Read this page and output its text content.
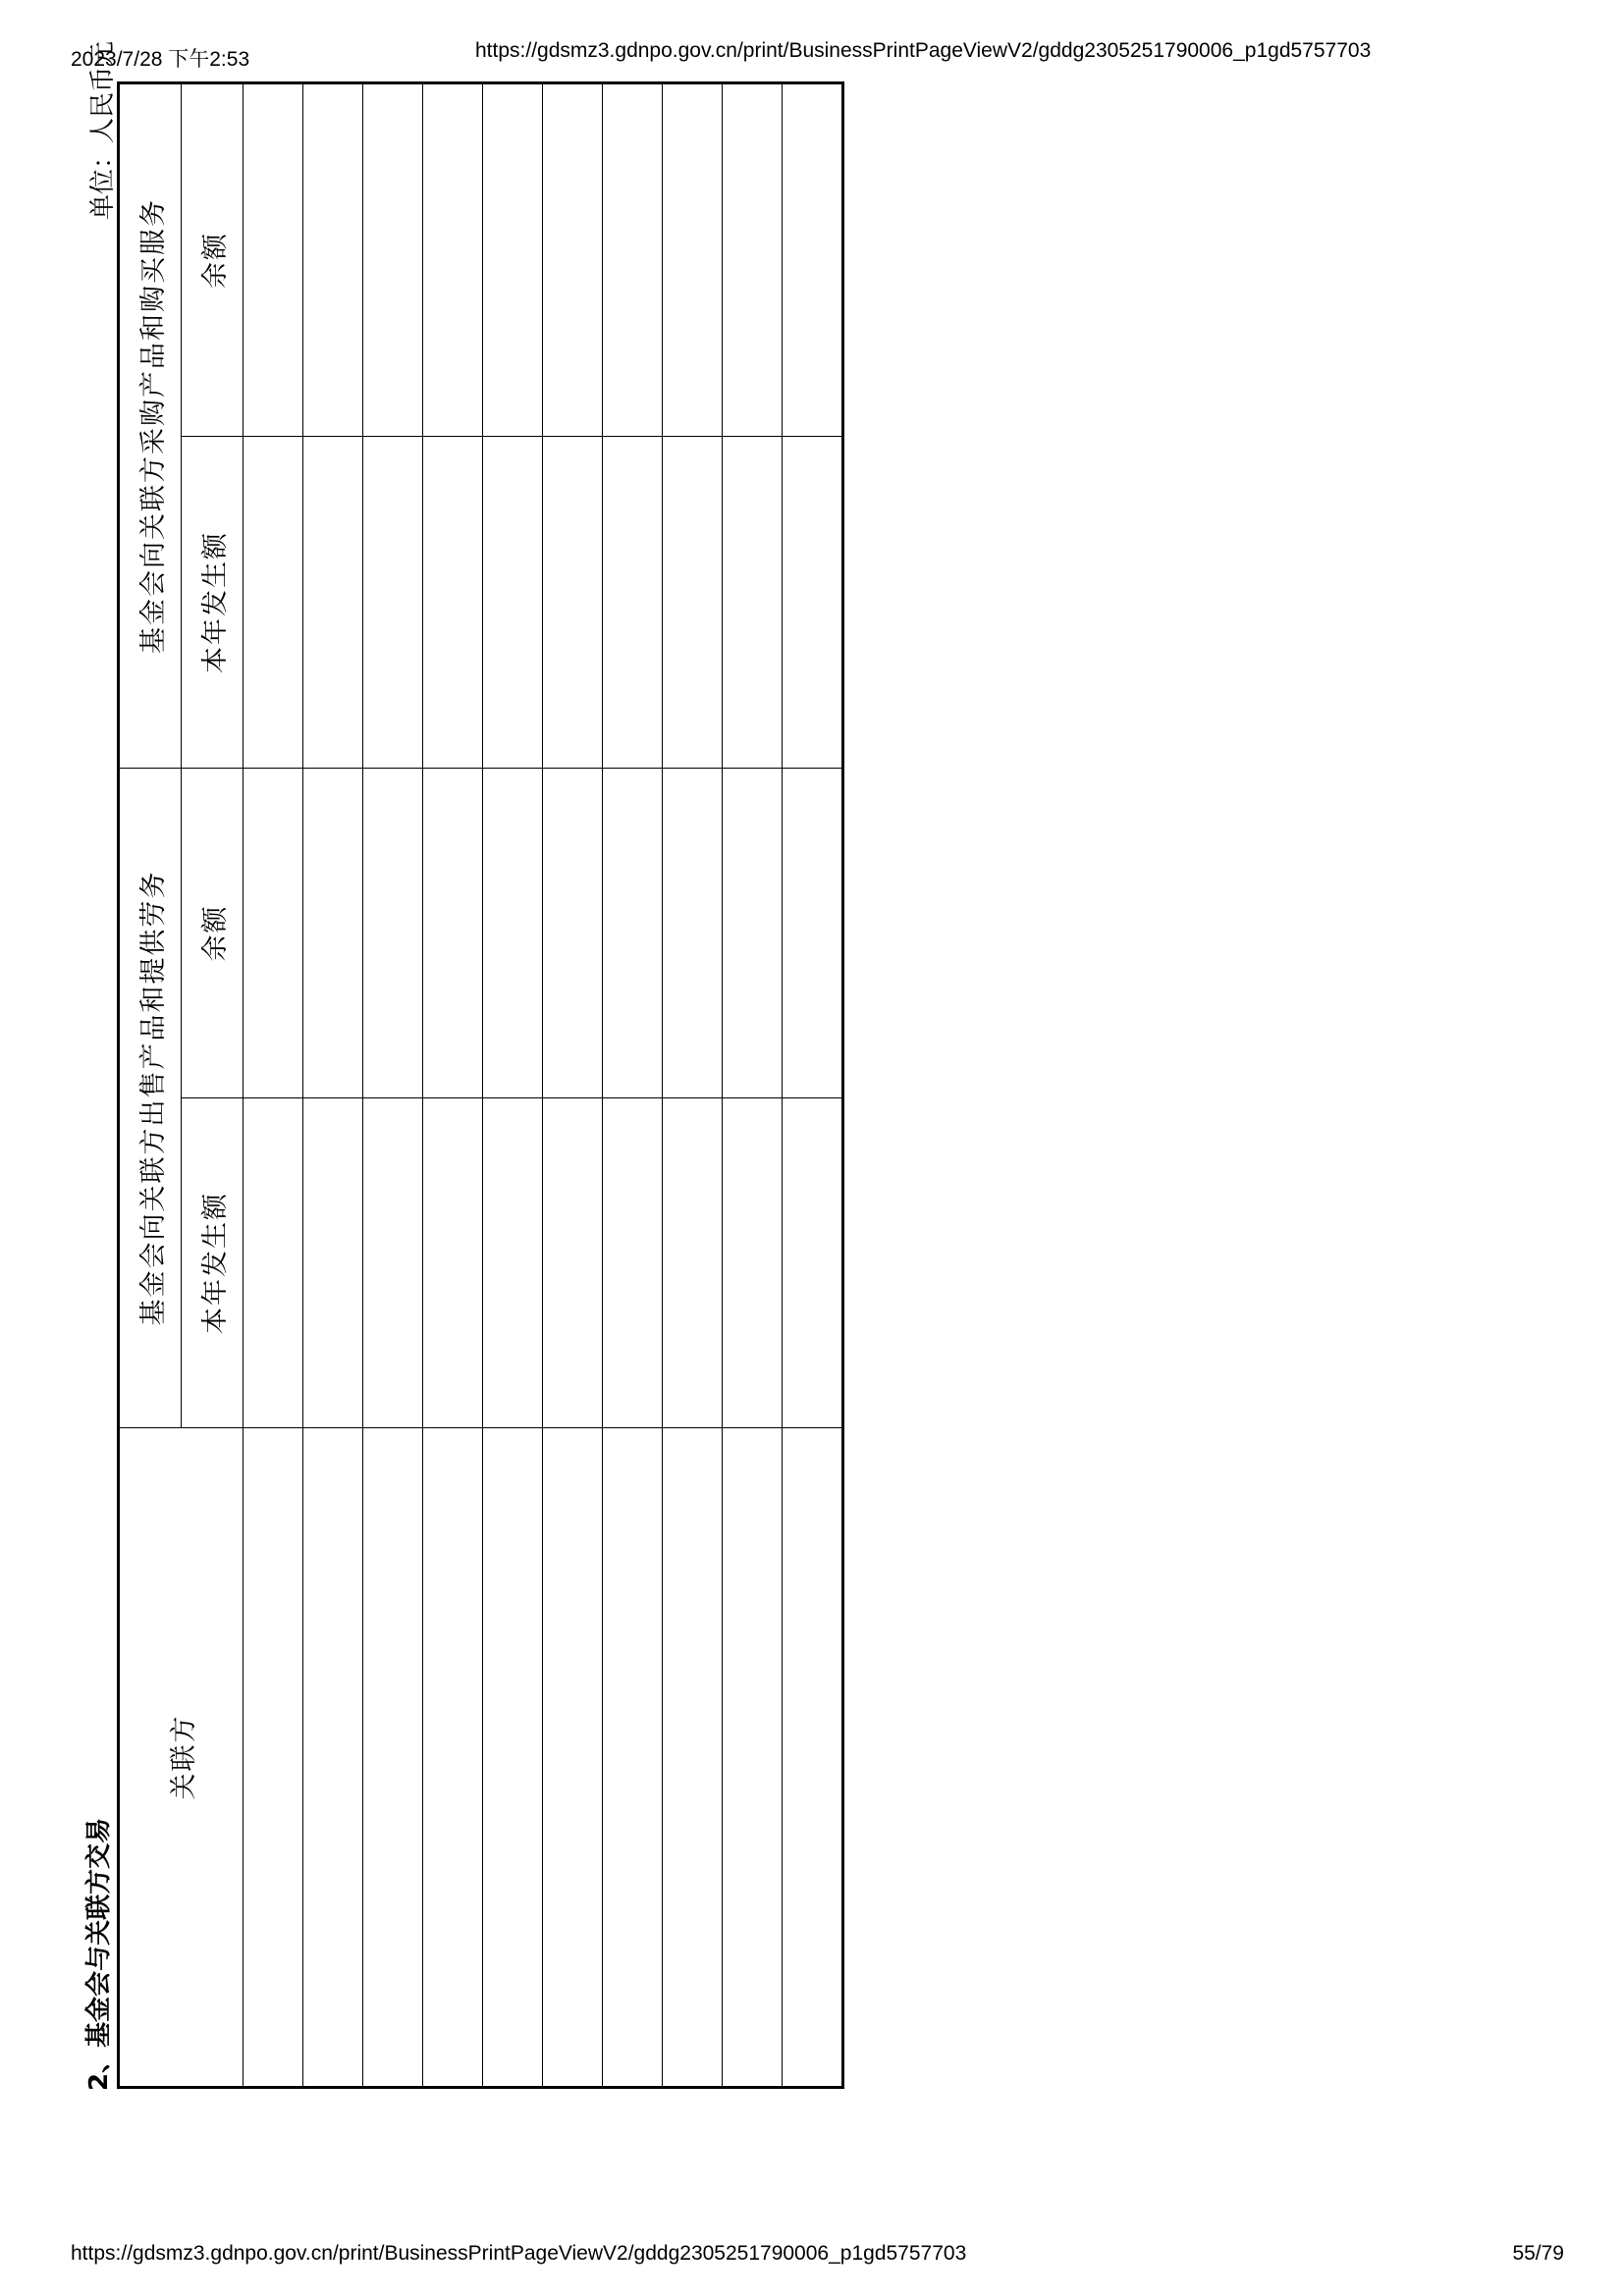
2023/7/28 下午2:53	https://gdsmz3.gdnpo.gov.cn/print/BusinessPrintPageViewV2/gddg2305251790006_p1gd5757703
2、基金会与关联方交易
单位：人民币元
关联方	基金会向关联方出售产品和提供劳务		基金会向关联方采购产品和购买服务	
	本年发生额	余额	本年发生额	余额

https://gdsmz3.gdnpo.gov.cn/print/BusinessPrintPageViewV2/gddg2305251790006_p1gd5757703	55/79
